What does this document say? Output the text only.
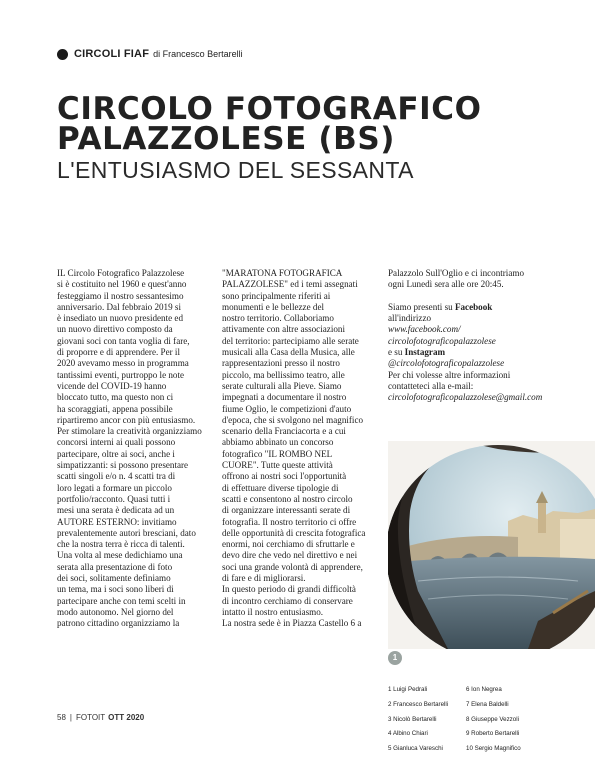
CIRCOLI FIAF di Francesco Bertarelli
CIRCOLO FOTOGRAFICO
PALAZZOLESE (BS)
L'ENTUSIASMO DEL SESSANTA

IL Circolo Fotografico Palazzolese

si è costituito nel 1960 e quest'anno

festeggiamo il nostro sessantesimo

anniversario. Dal febbraio 2019 si

è insediato un nuovo presidente ed

un nuovo direttivo composto da

giovani soci con tanta voglia di fare,

di proporre e di apprendere. Per il

2020 avevamo messo in programma

tantissimi eventi, purtroppo le note

vicende del COVID-19 hanno

bloccato tutto, ma questo non ci

ha scoraggiati, appena possibile

ripartiremo ancor con più entusiasmo.

Per stimolare la creatività organizziamo

concorsi interni ai quali possono

partecipare, oltre ai soci, anche i

simpatizzanti: si possono presentare

scatti singoli e/o n. 4 scatti tra di

loro legati a formare un piccolo

portfolio/racconto. Quasi tutti i

mesi una serata è dedicata ad un

AUTORE ESTERNO: invitiamo

prevalentemente autori bresciani, dato

che la nostra terra è ricca di talenti.

Una volta al mese dedichiamo una

serata alla presentazione di foto

dei soci, solitamente definiamo

un tema, ma i soci sono liberi di

partecipare anche con temi scelti in

modo autonomo. Nel giorno del

patrono cittadino organizziamo la

"MARATONA FOTOGRAFICA

PALAZZOLESE" ed i temi assegnati

sono principalmente riferiti ai

monumenti e le bellezze del

nostro territorio. Collaboriamo

attivamente con altre associazioni

del territorio: partecipiamo alle serate

musicali alla Casa della Musica, alle

rappresentazioni presso il nostro

piccolo, ma bellissimo teatro, alle

serate culturali alla Pieve. Siamo

impegnati a documentare il nostro

fiume Oglio, le competizioni d'auto

d'epoca, che si svolgono nel magnifico

scenario della Franciacorta e a cui

abbiamo abbinato un concorso

fotografico "IL ROMBO NEL

CUORE". Tutte queste attività

offrono ai nostri soci l'opportunità

di effettuare diverse tipologie di

scatti e consentono al nostro circolo

di organizzare interessanti serate di

fotografia. Il nostro territorio ci offre

delle opportunità di crescita fotografica

enormi, noi cerchiamo di sfruttarle e

devo dire che vedo nel direttivo e nei

soci una grande volontà di apprendere,

di fare e di migliorarsi.

In questo periodo di grandi difficoltà

di incontro cerchiamo di conservare

intatto il nostro entusiasmo.

La nostra sede è in Piazza Castello 6 a

Palazzolo Sull'Oglio e ci incontriamo

ogni Lunedì sera alle ore 20:45.

Siamo presenti su Facebook

all'indirizzo

www.facebook.com/

circolofotograficopalazzolese

e su Instagram

@circolofotograficopalazzolese

Per chi volesse altre informazioni

contatteteci alla e-mail:

circolofotograficopalazzolese@gmail.com

1

1 Luigi Pedrali

2 Francesco Bertarelli

3 Nicolò Bertarelli

4 Albino Chiari

5 Gianluca Vareschi

6 Ion Negrea

7 Elena Baldelli

8 Giuseppe Vezzoli

9 Roberto Bertarelli

10 Sergio Magnifico

58 | FOTOIT OTT 2020
